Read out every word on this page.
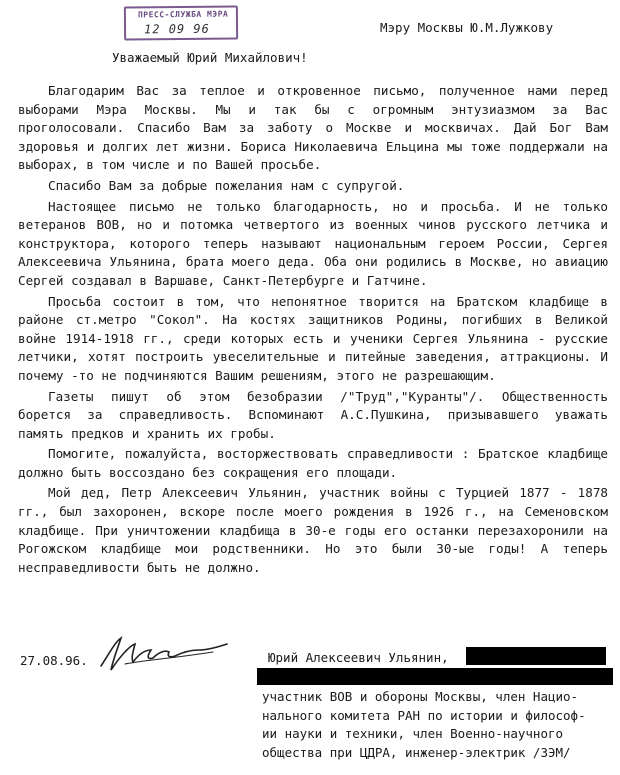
ПРЕСС-СЛУЖБА МЭРА
12 09 96	Мэру Москвы Ю.М.Лужкову
Уважаемый Юрий Михайлович!

Благодарим Вас за теплое и откровенное письмо, полученное нами перед выборами Мэра Москвы. Мы и так бы с огромным энтузиазмом за Вас проголосовали. Спасибо Вам за заботу о Москве и москвичах. Дай Бог Вам здоровья и долгих лет жизни. Бориса Николаевича Ельцина мы тоже поддержали на выборах, в том числе и по Вашей просьбе.

Спасибо Вам за добрые пожелания нам с супругой.

Настоящее письмо не только благодарность, но и просьба. И не только ветеранов ВОВ, но и потомка четвертого из военных чинов русского летчика и конструктора, которого теперь называют национальным героем России, Сергея Алексеевича Ульянина, брата моего деда. Оба они родились в Москве, но авиацию Сергей создавал в Варшаве, Санкт-Петербурге и Гатчине.

Просьба состоит в том, что непонятное творится на Братском кладбище в районе ст.метро "Сокол". На костях защитников Родины, погибших в Великой войне 1914-1918 гг., среди которых есть и ученики Сергея Ульянина - русские летчики, хотят построить увеселительные и питейные заведения, аттракционы. И почему -то не подчиняются Вашим решениям, этого не разрешающим.

Газеты пишут об этом безобразии /"Труд","Куранты"/. Общественность борется за справедливость. Вспоминают А.С.Пушкина, призывавшего уважать память предков и хранить их гробы.

Помогите, пожалуйста, восторжествовать справедливости : Братское кладбище должно быть воссоздано без сокращения его площади.

Мой дед, Петр Алексеевич Ульянин, участник войны с Турцией 1877 - 1878 гг., был захоронен, вскоре после моего рождения в 1926 г., на Семеновском кладбище. При уничтожении кладбища в 30-е годы его останки перезахоронили на Рогожском кладбище мои родственники. Но это были 30-ые годы! А теперь несправедливости быть не должно.

27.08.96.	Юрий Алексеевич Ульянин,
участник ВОВ и обороны Москвы, член Нацио-
нального комитета РАН по истории и философ-
ии науки и техники, член Военно-научного
общества при ЦДРА, инженер-электрик /ЗЭМ/
